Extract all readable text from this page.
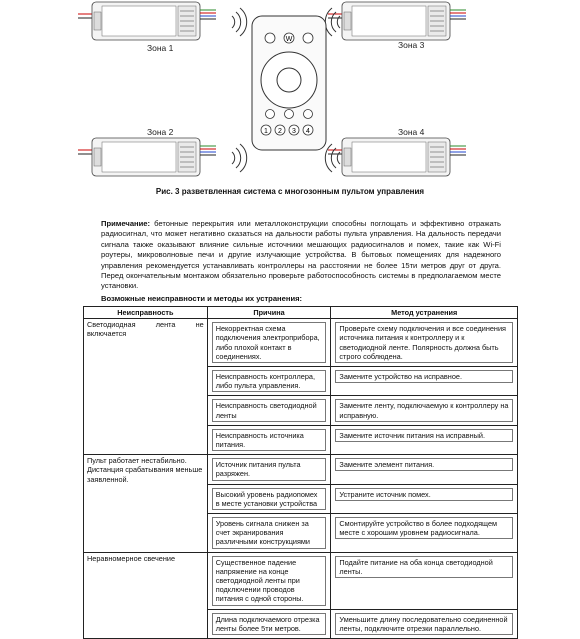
W
1 2 3 4
Зона 1
Зона 2
Зона 3
Зона 4
Рис. 3 разветвленная система с многозонным пультом управления
Примечание: бетонные перекрытия или металлоконструкции способны поглощать и эффективно отражать радиосигнал, что может негативно сказаться на дальности работы пульта управления. На дальность передачи сигнала также оказывают влияние сильные источники мешающих радиосигналов и помех, такие как Wi-Fi роутеры, микроволновые печи и другие излучающие устройства. В бытовых помещениях для надежного управления рекомендуется устанавливать контроллеры на расстоянии не более 15ти метров друг от друга. Перед окончательным монтажом обязательно проверьте работоспособность системы в предполагаемом месте установки.
Возможные неисправности и методы их устранения:
Неисправность	Причина	Метод устранения
Светодиодная лента не включается	Некорректная схема подключения электроприбора, либо плохой контакт в соединениях.	Проверьте схему подключения и все соединения источника питания к контроллеру и к светодиодной ленте. Полярность должна быть строго соблюдена.

	Неисправность контроллера, либо пульта управления.	Замените устройство на исправное.

	Неисправность светодиодной ленты	Замените ленту, подключаемую к контроллеру на исправную.

	Неисправность источника питания.	Замените источник питания на исправный.

Пульт работает нестабильно. Дистанция срабатывания меньше заявленной.	Источник питания пульта разряжен.	Замените элемент питания.

	Высокий уровень радиопомех в месте установки устройства	Устраните источник помех.

	Уровень сигнала снижен за счет экранирования различными конструкциями	Смонтируйте устройство в более подходящем месте с хорошим уровнем радиосигнала.

Неравномерное свечение	Существенное падение напряжение на конце светодиодной ленты при подключении проводов питания с одной стороны.	Подайте питание на оба конца светодиодной ленты.

	Длина подключаемого отрезка ленты более 5ти метров.	Уменьшите длину последовательно соединенной ленты, подключите отрезки параллельно.
